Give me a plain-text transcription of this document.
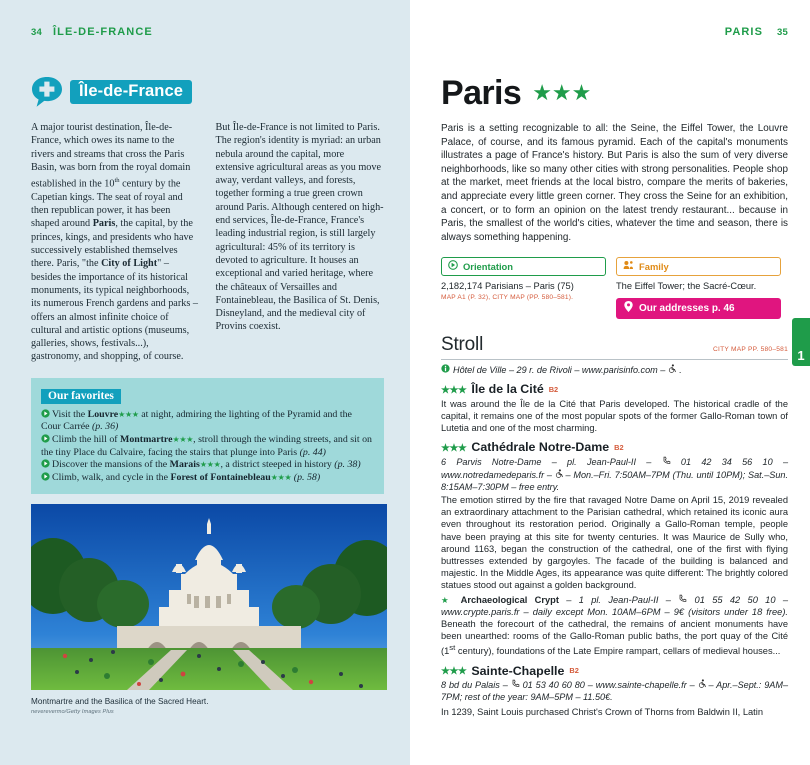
34 ÎLE-DE-FRANCE
Île-de-France

A major tourist destination, Île-de-France, which owes its name to the rivers and streams that cross the Paris Basin, was born from the royal domain established in the 10th century by the Capetian kings. The seat of royal and then republican power, it has been shaped around Paris, the capital, by the princes, kings, and presidents who have successively established themselves there. Paris, "the City of Light" – besides the importance of its historical monuments, its typical neighborhoods, its numerous French gardens and parks – offers an almost infinite choice of cultural and artistic options (museums, galleries, shows, festivals...), gastronomy, and shopping, of course.

But Île-de-France is not limited to Paris. The region's identity is myriad: an urban nebula around the capital, more extensive agricultural areas as you move away, verdant valleys, and forests, together forming a true green crown around Paris. Although centered on high-end services, Île-de-France, France's leading industrial region, is still largely agricultural: 45% of its territory is devoted to agriculture. It houses an exceptional and varied heritage, where the châteaux of Versailles and Fontainebleau, the Basilica of St. Denis, Disneyland, and the medieval city of Provins coexist.

Our favorites
Visit the Louvre★★★ at night, admiring the lighting of the Pyramid and the Cour Carrée (p. 36)
Climb the hill of Montmartre★★★, stroll through the winding streets, and sit on the tiny Place du Calvaire, facing the stairs that plunge into Paris (p. 44)
Discover the mansions of the Marais★★★, a district steeped in history (p. 38)
Climb, walk, and cycle in the Forest of Fontainebleau★★★ (p. 58)
Montmartre and the Basilica of the Sacred Heart.
neverevermo/Getty Images Plus
PARIS 35
Paris ★★★

Paris is a setting recognizable to all: the Seine, the Eiffel Tower, the Louvre Palace, of course, and its famous pyramid. Each of the capital's monuments illustrates a page of France's history. But Paris is also the sum of very diverse neighborhoods, like so many other cities with strong personalities. People shop at the market, meet friends at the local bistro, compare the merits of bakeries, and appreciate every little green corner. They cross the Seine for an exhibition, a concert, or to form an opinion on the latest trendy restaurant... because in Paris, the smallest of the world's cities, whatever the time and season, there is always something happening.

Orientation
2,182,174 Parisians – Paris (75)
MAP A1 (P. 32), CITY MAP (PP. 580–581).
Family
The Eiffel Tower; the Sacré-Cœur.
Our addresses p. 46
Stroll	CITY MAP PP. 580–581
Hôtel de Ville – 29 r. de Rivoli – www.parisinfo.com – .
★★★ Île de la Cité B2

It was around the Île de la Cité that Paris developed. The historical cradle of the capital, it remains one of the most popular spots of the former Gallo-Roman town of Lutetia and one of the most charming.

★★★ Cathédrale Notre-Dame B2

6 Parvis Notre-Dame – pl. Jean-Paul-II –  01 42 34 56 10 – www.notredamedeparis.fr –  – Mon.–Fri. 7:50AM–7PM (Thu. until 10PM); Sat.–Sun. 8:15AM–7:30PM – free entry.

The emotion stirred by the fire that ravaged Notre Dame on April 15, 2019 revealed an extraordinary attachment to the Parisian cathedral, which retained its iconic aura even throughout its restoration period. Originally a Gallo-Roman temple, people have been praying at this site for twenty centuries. It was Maurice de Sully who, around 1163, began the construction of the cathedral, one of the first with flying buttresses extended by gargoyles. The facade of the building is balanced and majestic. In the Middle Ages, its appearance was quite different: The brightly colored statues stood out against a golden background.

★ Archaeological Crypt – 1 pl. Jean-Paul-II –  01 55 42 50 10 – www.crypte.paris.fr – daily except Mon. 10AM–6PM – 9€ (visitors under 18 free). Beneath the forecourt of the cathedral, the remains of ancient monuments have been unearthed: rooms of the Gallo-Roman public baths, the port quay of the Cité (1st century), foundations of the Late Empire rampart, cellars of medieval houses...

★★★ Sainte-Chapelle B2

8 bd du Palais –  01 53 40 60 80 – www.sainte-chapelle.fr –  – Apr.–Sept.: 9AM–7PM; rest of the year: 9AM–5PM – 11.50€.

In 1239, Saint Louis purchased Christ's Crown of Thorns from Baldwin II, Latin

1
